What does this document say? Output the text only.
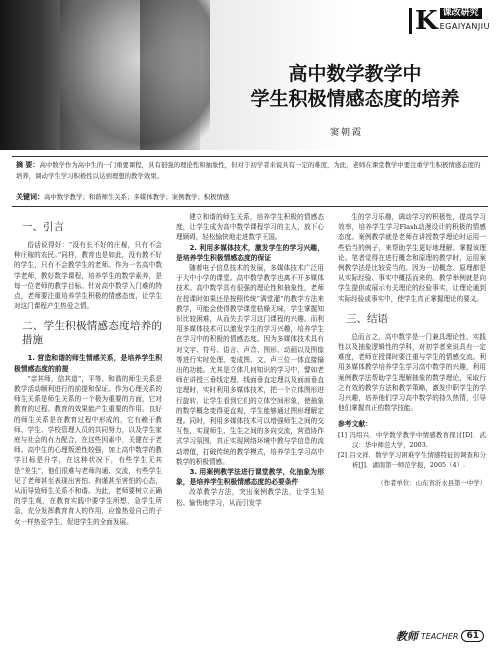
K 课改研究
EGAIYANJIU
高中数学教学中
学生积极情感态度的培养
窦朝霞
摘 要：高中数学作为高中生的一门重要课程，具有很强的理论性和抽象性，但对于初学者来说具有一定的难度，为此，老师在课堂教学中要注重学生积极情感态度的培养，调动学生学习积极性以达到理想的教学效果。
关键词：高中数学教学；和谐师生关系；多媒体教学；案例教学；积极情感
一、引言

俗话说得好：“没有长不好的庄稼，只有不会种庄稼的农民。”同样，教育也是如此，没有教不好的学生，只有不会教学生的老师。作为一名高中数学老师，教好数学课程，培养学生的数学素养，是每一位老师的教学目标。针对高中数学入门难的特点，老师要注重培养学生积极的情感态度，让学生对这门课程产生热爱之情。

二、学生积极情感态度培养的措施
1. 营造和谐的师生情感关系，是培养学生积极情感态度的前提

“亲其师，信其道”，平等、和谐的师生关系是教学活动顺利进行的前提和保证。作为心理关系的师生关系是师生关系的一个极为重要的方面，它对教育的过程、教育的效果能产生重要的作用。良好的师生关系是在教育过程中形成的，它有赖于教师、学生、学校管理人员的共同努力，以及学生家庭与社会的有力配合，在这些因素中，关键在于老师。高中生的心理叛逆性较强，加上高中数学的教学目标是升学，在这种状况下，有些学生无其是“差生”，他们很难与老师沟通、交流，有些学生见了老师甚至表现出害怕、拘谨甚至害怕的心态，从而导致师生关系不和谐。为此，老师要树立正确的学生观，在教育实践中要学生所想，急学生所急，充分发挥教育育人的作用，应像热爱自己的子女一样热爱学生，促进学生的全面发展。

建立和谐的师生关系，培养学生积极的情感态度，让学生成为高中数学课程学习的主人，放下心理顾碍，轻松愉快地走进数学王国。

2. 利用多媒体技术，激发学生的学习兴趣，是培养学生积极情感态度的保证

随着电子信息技术的发展，多媒体技术广泛用于大中小学的课堂。高中数学教学也离不开多媒体技术。高中数学具有很强的理论性和抽象性，老师在授课时如果还是按照传统“满堂灌”的教学方法来教学，可能会使得教学课堂枯燥无味，学生掌握知识比较困难，从而失去学习这门课程的兴趣。而利用多媒体技术可以激发学生的学习兴趣，培养学生在学习中的积极的情感态度。因为多媒体技术具有对文字、符号、语言、声音、图形、动画以及图像等进行实时处理、变成图、文、声三位一体直接输出的功能。尤其是立体几何知识的学习中，譬如老师在讲授三垂线定理、线面垂直定理以及面面垂直定理时，实时利用多媒体技术，把一个立体图形进行旋转，让学生看到它们的立体空间形象，使抽象的数学概念变得更直观，学生能够通过图形理解定理。同时，利用多媒体技术可以增强师生之间的交互性，实现师生、生生之间的多向交流，营造协作式学习氛围，真正实现网络环境中教与学信息的流动增值，打破传统的教学模式，培养学生学习高中数学的积极情感。

3. 用案例教学法进行课堂教学，化抽象为形象，是培养学生积极情感态度的必要条件

改革教学方法，突出案例教学法，让学生轻松、愉快地学习，从而引发学

生的学习乐趣，调动学习的积极性，提高学习效率，培养学生学习Flash动漫设计的积极的情感态度。案例教学就是老师在讲授数学理论时运用一些恰当的例子，来帮助学生更好地理解、掌握该理论。笔者觉得在进行概念和原理的教学时，运用案例教学法是比较妥当的。因为一切概念、原理都是从实际经验、事实中概括而来的。教学举例就是向学生提供或展示有关理论的经验事实，让理论通到实际经验或事实中，使学生真正掌握理论的要义。

三、结语

总而言之，高中数学是一门兼具理论性、实践性以及抽象逻辑性的学科，对初学者来说具有一定难度，老师在授课时要注重与学生的情感交流。利用多媒体教学培养学生学习高中数学的兴趣，利用案例教学法帮助学生理解抽象的数学理论，采取行之有效的教学方法和教学策略，激发中职学生的学习兴趣，培养他们学习高中数学的持久热情，引导他们掌握真正的数学技能。

参考文献：
[1] 冯绍兴．中学数学教学中情感教育探讨[D]．武汉：华中师范大学，2003.
[2] 吕文祥．数学学习困难学生情感特征的调查和分析[J]．湖南第一师范学报，2005（4）.
（作者单位：山东省沂水县第一中学）
教师 TEACHER 61
